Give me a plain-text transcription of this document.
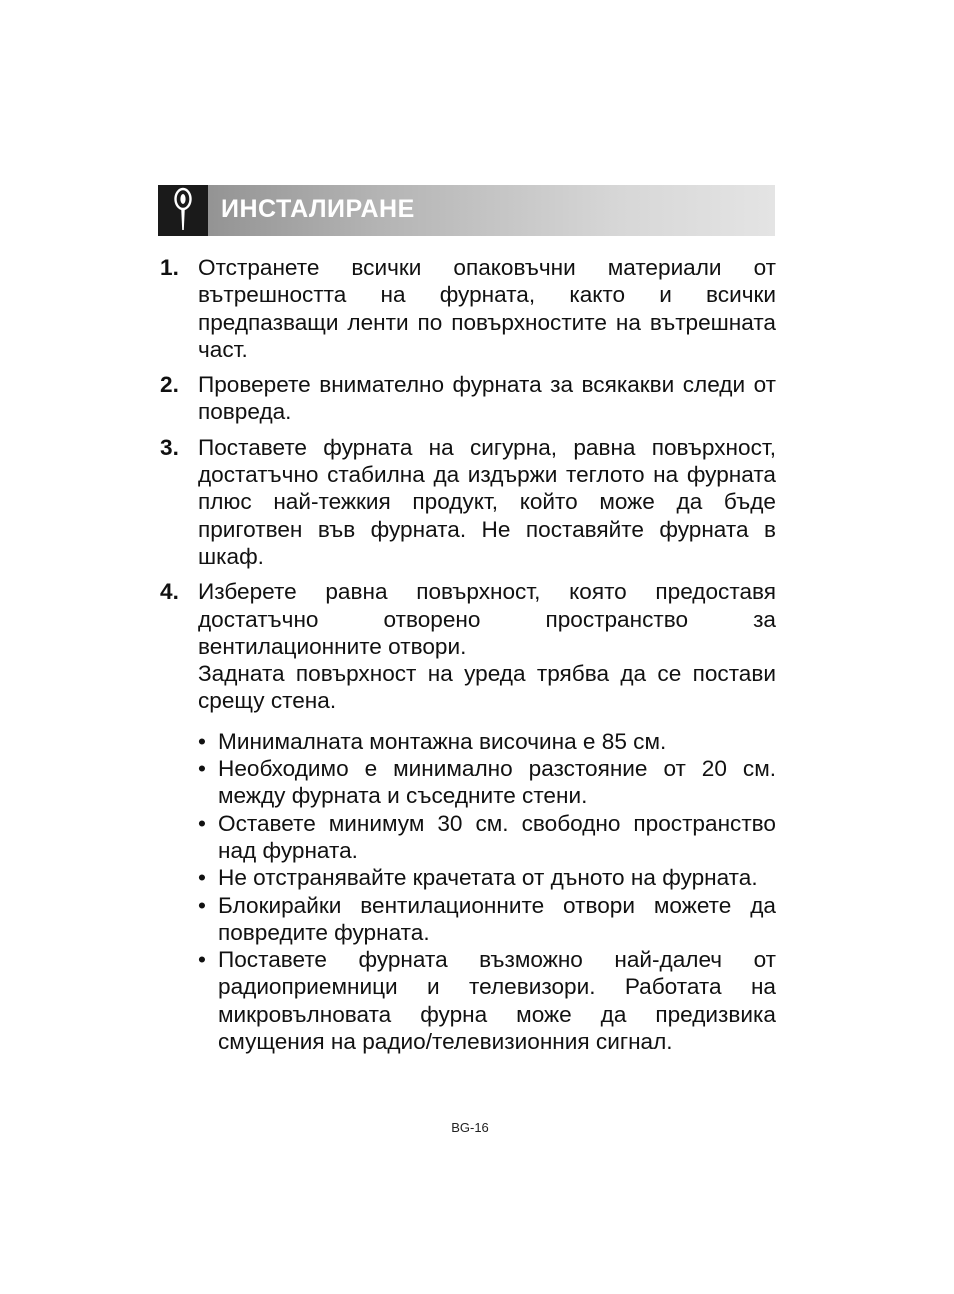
ИНСТАЛИРАНЕ
1. Отстранете всички опаковъчни материали от вътрешността на фурната, както и всички предпазващи ленти по повърхностите на вътрешната част.

2. Проверете внимателно фурната за всякакви следи от повреда.

3. Поставете фурната на сигурна, равна повърхност, достатъчно стабилна да издържи теглото на фурната плюс най-тежкия продукт, който може да бъде приготвен във фурната. Не поставяйте фурната в шкаф.

4. Изберете равна повърхност, която предоставя достатъчно отворено пространство за вентилационните отвори.

Задната повърхност на уреда трябва да се постави срещу стена.

• Минималната монтажна височина е 85 см.
• Необходимо е минимално разстояние от 20 см. между фурната и съседните стени.
• Оставете минимум 30 см. свободно пространство над фурната.
• Не отстранявайте крачетата от дъното на фурната.
• Блокирайки вентилационните отвори можете да повредите фурната.
• Поставете фурната възможно най-далеч от радиоприемници и телевизори. Работата на микровълновата фурна може да предизвика смущения на радио/телевизионния сигнал.
BG-16
